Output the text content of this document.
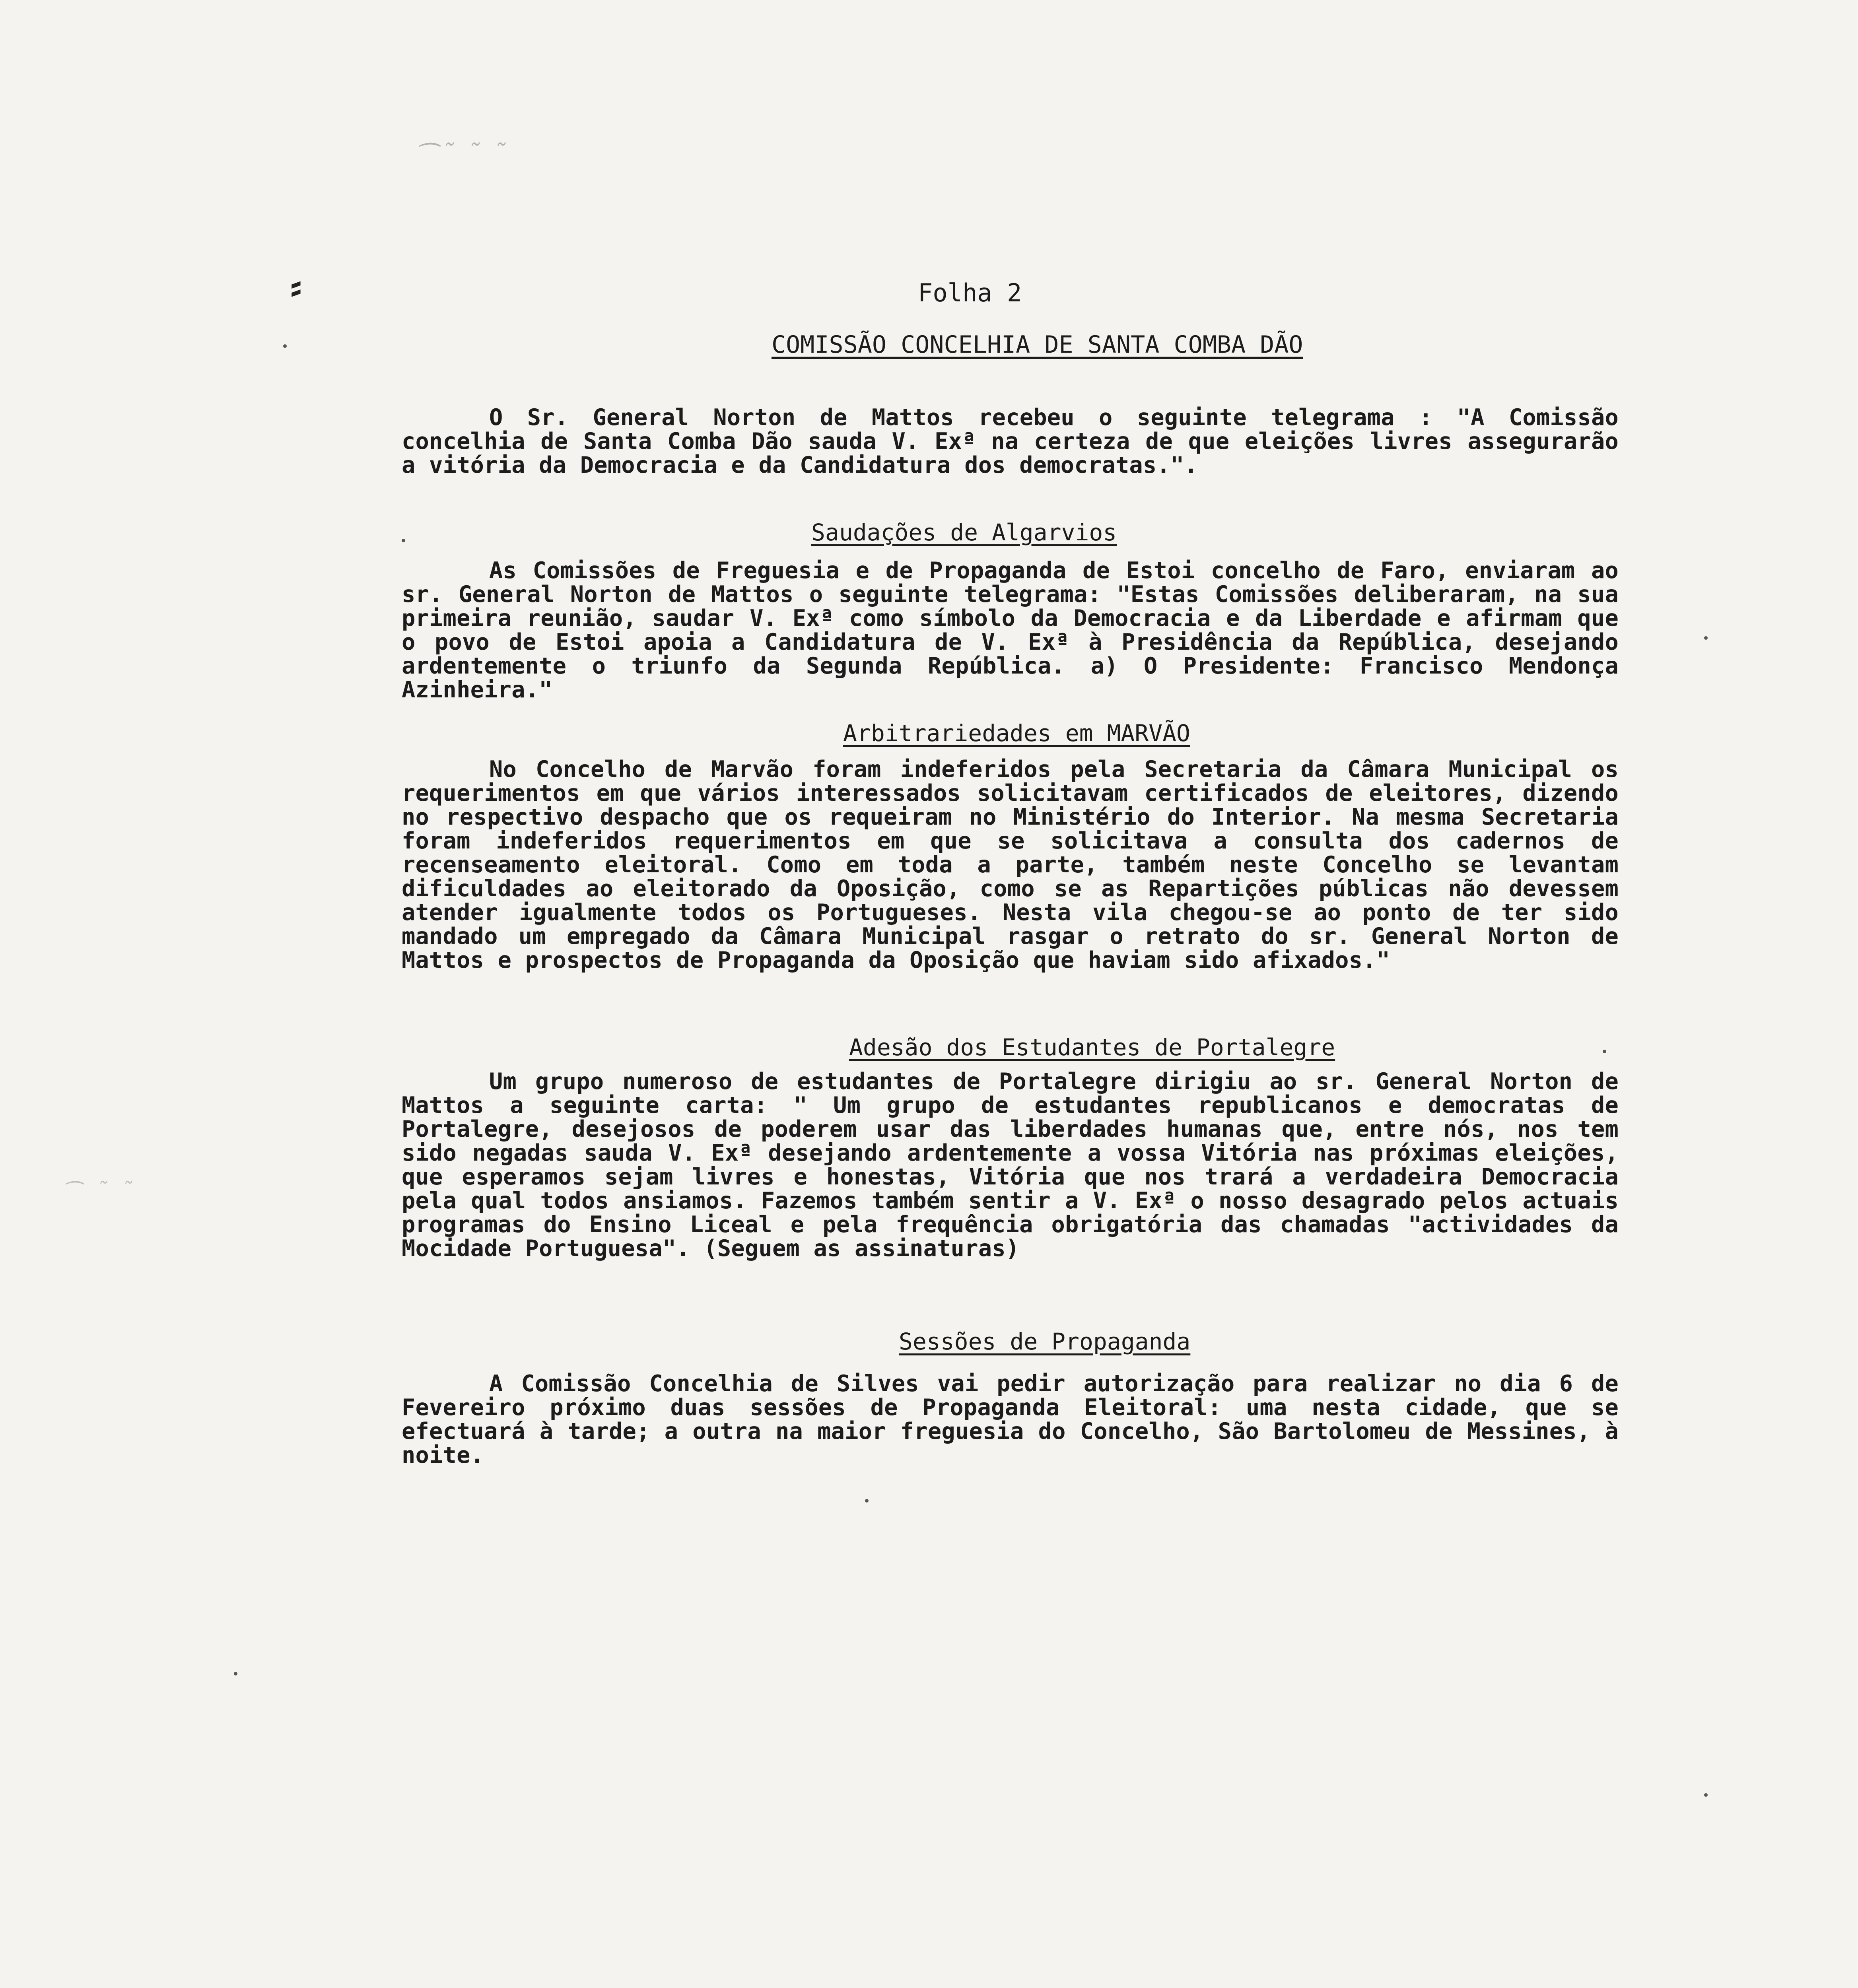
⁔˷ ˷ ˷
⁔ ˷ ˷
⸗	Folha 2
COMISSÃO CONCELHIA DE SANTA COMBA DÃO

O Sr. General Norton de Mattos recebeu o seguinte telegrama : "A Comissão concelhia de Santa Comba Dão sauda V. Exª na certeza de que eleições livres assegurarão a vitória da Democracia e da Candidatura dos democratas.".

Saudações de Algarvios

As Comissões de Freguesia e de Propaganda de Estoi concelho de Faro, enviaram ao sr. General Norton de Mattos o seguinte telegrama: "Estas Comissões deliberaram, na sua primeira reunião, saudar V. Exª como símbolo da Democracia e da Liberdade e afirmam que o povo de Estoi apoia a Candidatura de V. Exª à Presidência da República, desejando ardentemente o triunfo da Segunda República. a) O Presidente: Francisco Mendonça Azinheira."

Arbitrariedades em MARVÃO

No Concelho de Marvão foram indeferidos pela Secretaria da Câmara Municipal os requerimentos em que vários interessados solicitavam certificados de eleitores, dizendo no respectivo despacho que os requeiram no Ministério do Interior. Na mesma Secretaria foram indeferidos requerimentos em que se solicitava a consulta dos cadernos de recenseamento eleitoral. Como em toda a parte, também neste Concelho se levantam dificuldades ao eleitorado da Oposição, como se as Repartições públicas não devessem atender igualmente todos os Portugueses. Nesta vila chegou-se ao ponto de ter sido mandado um empregado da Câmara Municipal rasgar o retrato do sr. General Norton de Mattos e prospectos de Propaganda da Oposição que haviam sido afixados."

Adesão dos Estudantes de Portalegre

Um grupo numeroso de estudantes de Portalegre dirigiu ao sr. General Norton de Mattos a seguinte carta: " Um grupo de estudantes republicanos e democratas de Portalegre, desejosos de poderem usar das liberdades humanas que, entre nós, nos tem sido negadas sauda V. Exª desejando ardentemente a vossa Vitória nas próximas eleições, que esperamos sejam livres e honestas, Vitória que nos trará a verdadeira Democracia pela qual todos ansiamos. Fazemos também sentir a V. Exª o nosso desagrado pelos actuais programas do Ensino Liceal e pela frequência obrigatória das chamadas "actividades da Mocidade Portuguesa". (Seguem as assinaturas)

Sessões de Propaganda

A Comissão Concelhia de Silves vai pedir autorização para realizar no dia 6 de Fevereiro próximo duas sessões de Propaganda Eleitoral: uma nesta cidade, que se efectuará à tarde; a outra na maior freguesia do Concelho, São Bartolomeu de Messines, à noite.
